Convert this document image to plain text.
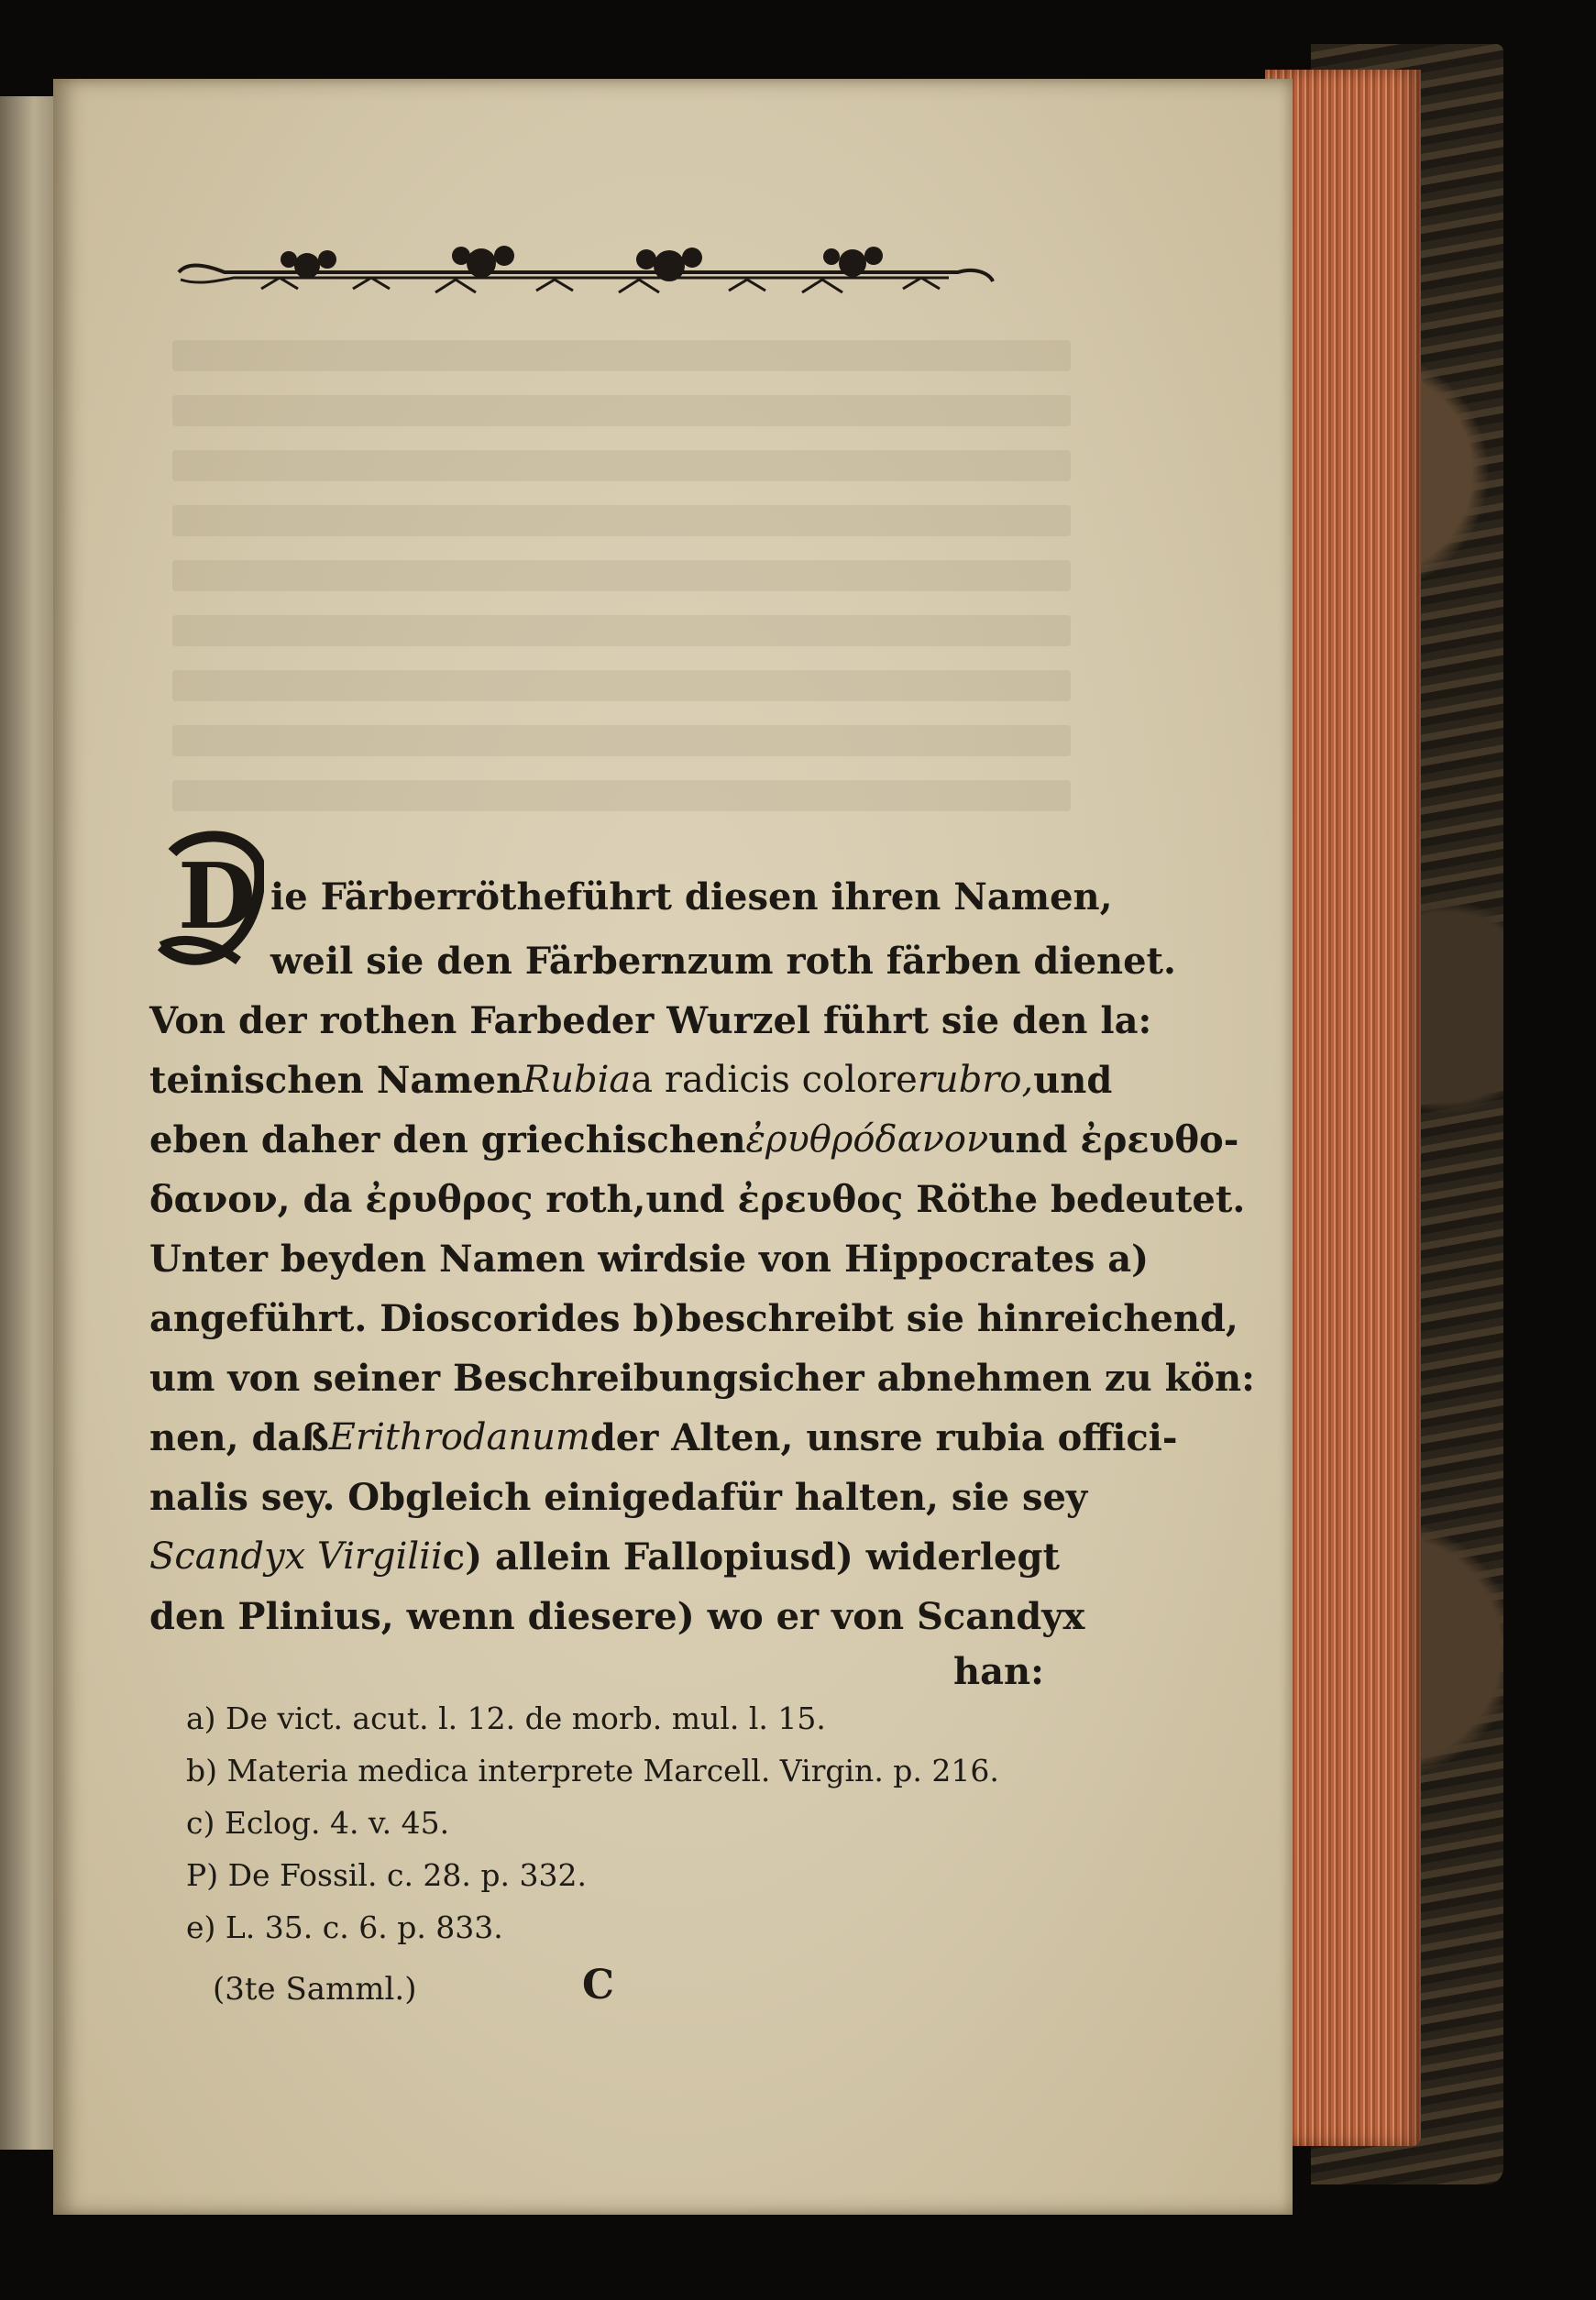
D ie Färberröthe führt diesen ihren Namen,
weil sie den Färbern zum roth färben dienet.
Von der rothen Farbe der Wurzel führt sie den la:
teinischen Namen Rubia a radicis colore rubro, und
eben daher den griechischen ἐρυθρόδανον und ἐρευθο-
δανον, da ἐρυθρος roth, und ἐρευθος Röthe bedeutet.
Unter beyden Namen wird sie von Hippocrates a)
angeführt. Dioscorides b) beschreibt sie hinreichend,
um von seiner Beschreibung sicher abnehmen zu kön:
nen, daß Erithrodanum der Alten, unsre rubia offici-
nalis sey. Obgleich einige dafür halten, sie sey
Scandyx Virgilii c) allein Fallopius d) widerlegt
den Plinius, wenn dieser e) wo er von Scandyx
han:
a) De vict. acut. l. 12. de morb. mul. l. 15.
b) Materia medica interprete Marcell. Virgin. p. 216.
c) Eclog. 4. v. 45.
P) De Fossil. c. 28. p. 332.
e) L. 35. c. 6. p. 833.
(3te Samml.)	C
